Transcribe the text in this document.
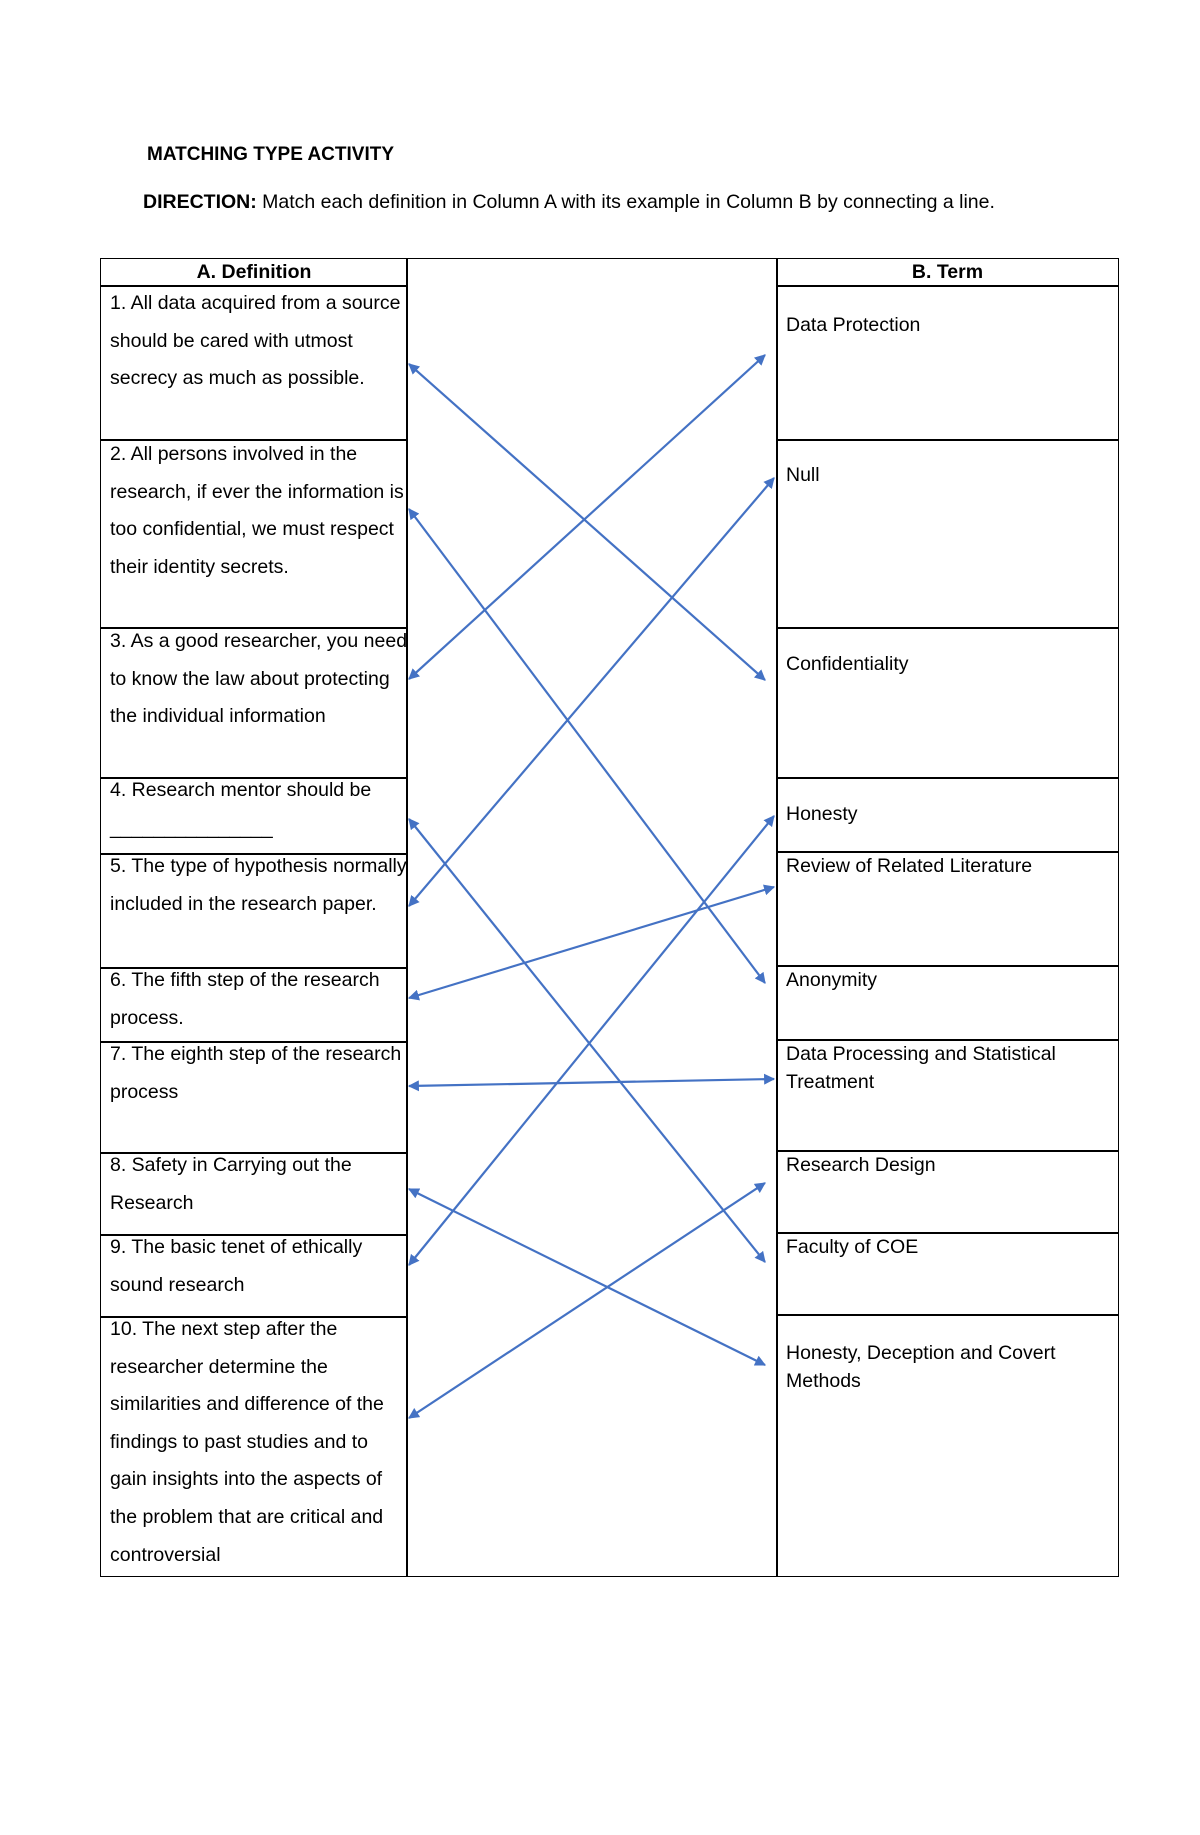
MATCHING TYPE ACTIVITY
DIRECTION: Match each definition in Column A with its example in Column B by connecting a line.
A. Definition	B. Term
1. All data acquired from a source should be cared with utmost secrecy as much as possible.
2. All persons involved in the research, if ever the information is too confidential, we must respect their identity secrets.
3. As a good researcher, you need to know the law about protecting the individual information
4. Research mentor should be _______________
5. The type of hypothesis normally included in the research paper.
6. The fifth step of the research process.
7. The eighth step of the research process
8. Safety in Carrying out the Research
9. The basic tenet of ethically sound research
10. The next step after the researcher determine the similarities and difference of the findings to past studies and to gain insights into the aspects of the problem that are critical and controversial
Data Protection
Null
Confidentiality
Honesty
Review of Related Literature
Anonymity
Data Processing and Statistical Treatment
Research Design
Faculty of COE
Honesty, Deception and Covert Methods
